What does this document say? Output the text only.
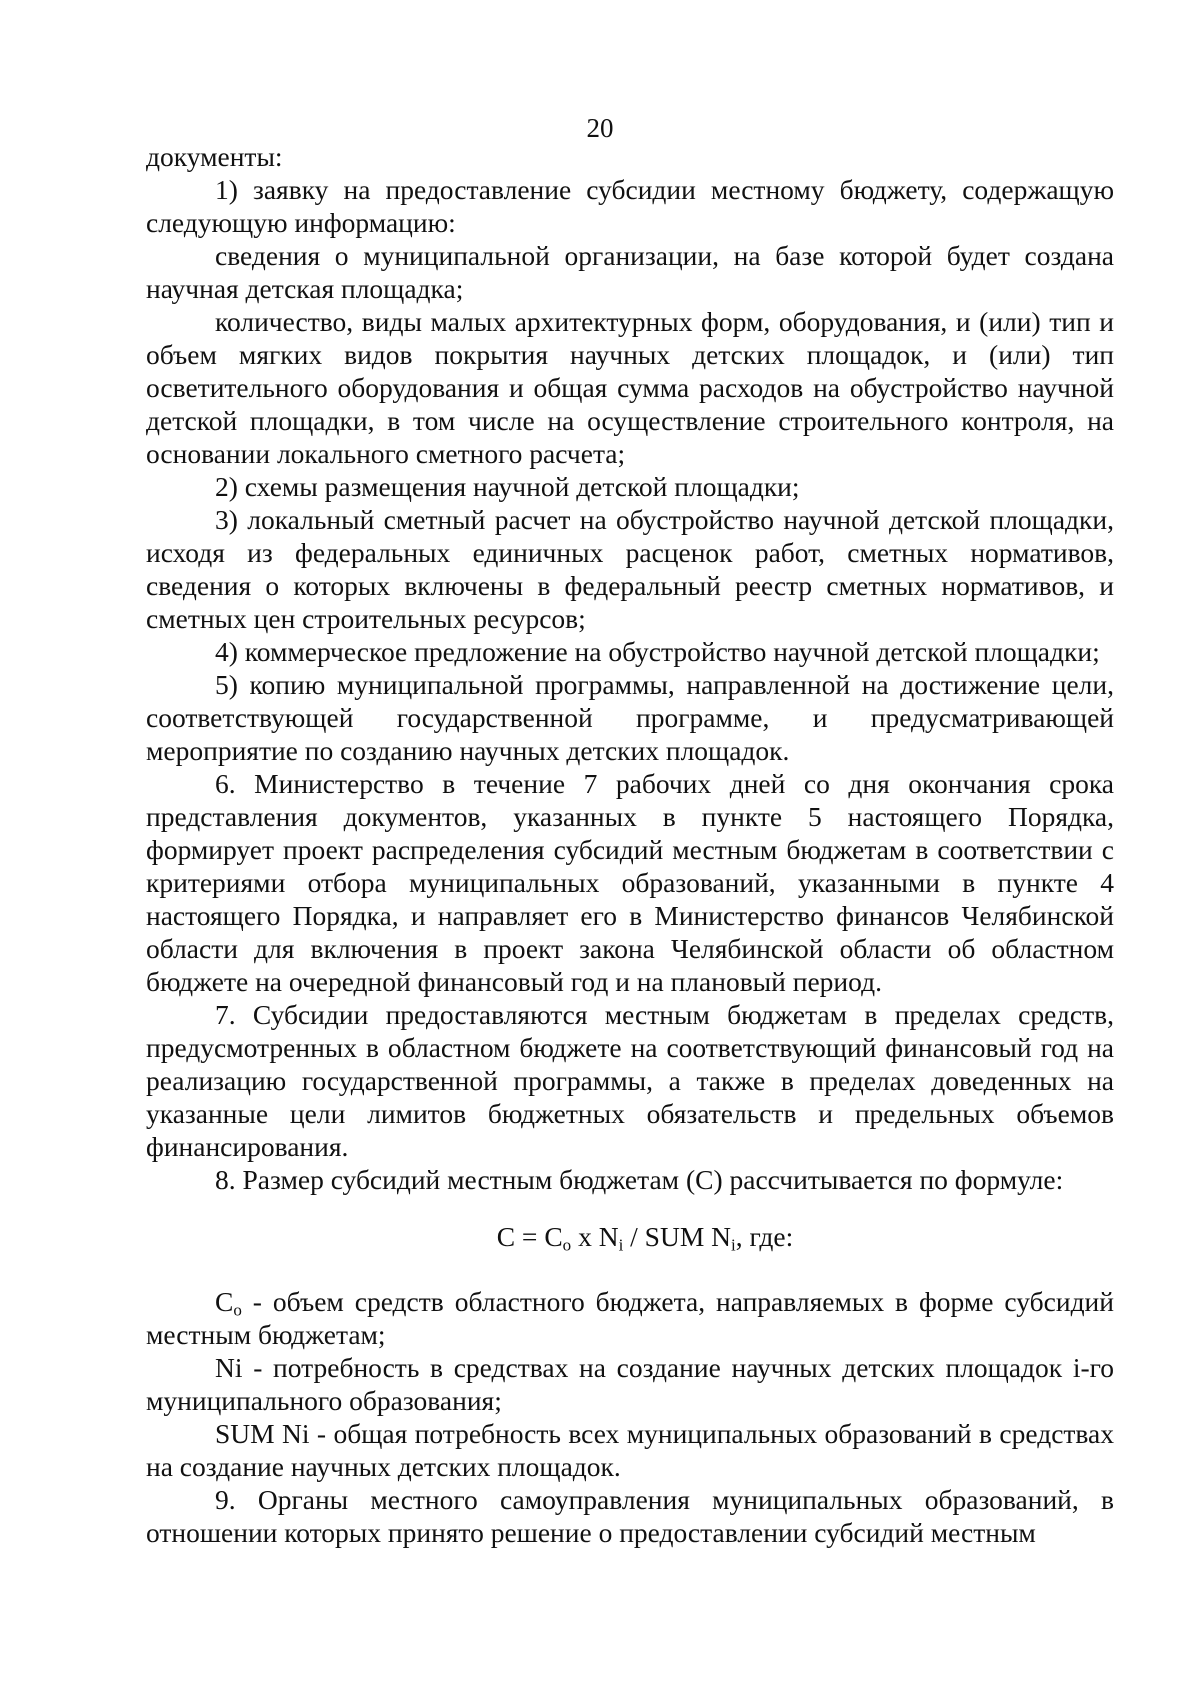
20

документы:

1) заявку на предоставление субсидии местному бюджету, содержащую следующую информацию:

сведения о муниципальной организации, на базе которой будет создана научная детская площадка;

количество, виды малых архитектурных форм, оборудования, и (или) тип и объем мягких видов покрытия научных детских площадок, и (или) тип осветительного оборудования и общая сумма расходов на обустройство научной детской площадки, в том числе на осуществление строительного контроля, на основании локального сметного расчета;

2) схемы размещения научной детской площадки;

3) локальный сметный расчет на обустройство научной детской площадки, исходя из федеральных единичных расценок работ, сметных нормативов, сведения о которых включены в федеральный реестр сметных нормативов, и сметных цен строительных ресурсов;

4) коммерческое предложение на обустройство научной детской площадки;

5) копию муниципальной программы, направленной на достижение цели, соответствующей государственной программе, и предусматривающей мероприятие по созданию научных детских площадок.

6. Министерство в течение 7 рабочих дней со дня окончания срока представления документов, указанных в пункте 5 настоящего Порядка, формирует проект распределения субсидий местным бюджетам в соответствии с критериями отбора муниципальных образований, указанными в пункте 4 настоящего Порядка, и направляет его в Министерство финансов Челябинской области для включения в проект закона Челябинской области об областном бюджете на очередной финансовый год и на плановый период.

7. Субсидии предоставляются местным бюджетам в пределах средств, предусмотренных в областном бюджете на соответствующий финансовый год на реализацию государственной программы, а также в пределах доведенных на указанные цели лимитов бюджетных обязательств и предельных объемов финансирования.

8. Размер субсидий местным бюджетам (С) рассчитывается по формуле:

$С = С_о$ х $N_i$ / SUM $N_i$, где:

$С_о$ - объем средств областного бюджета, направляемых в форме субсидий местным бюджетам;

Ni - потребность в средствах на создание научных детских площадок i-го муниципального образования;

SUM Ni - общая потребность всех муниципальных образований в средствах на создание научных детских площадок.

9. Органы местного самоуправления муниципальных образований, в отношении которых принято решение о предоставлении субсидий местным
